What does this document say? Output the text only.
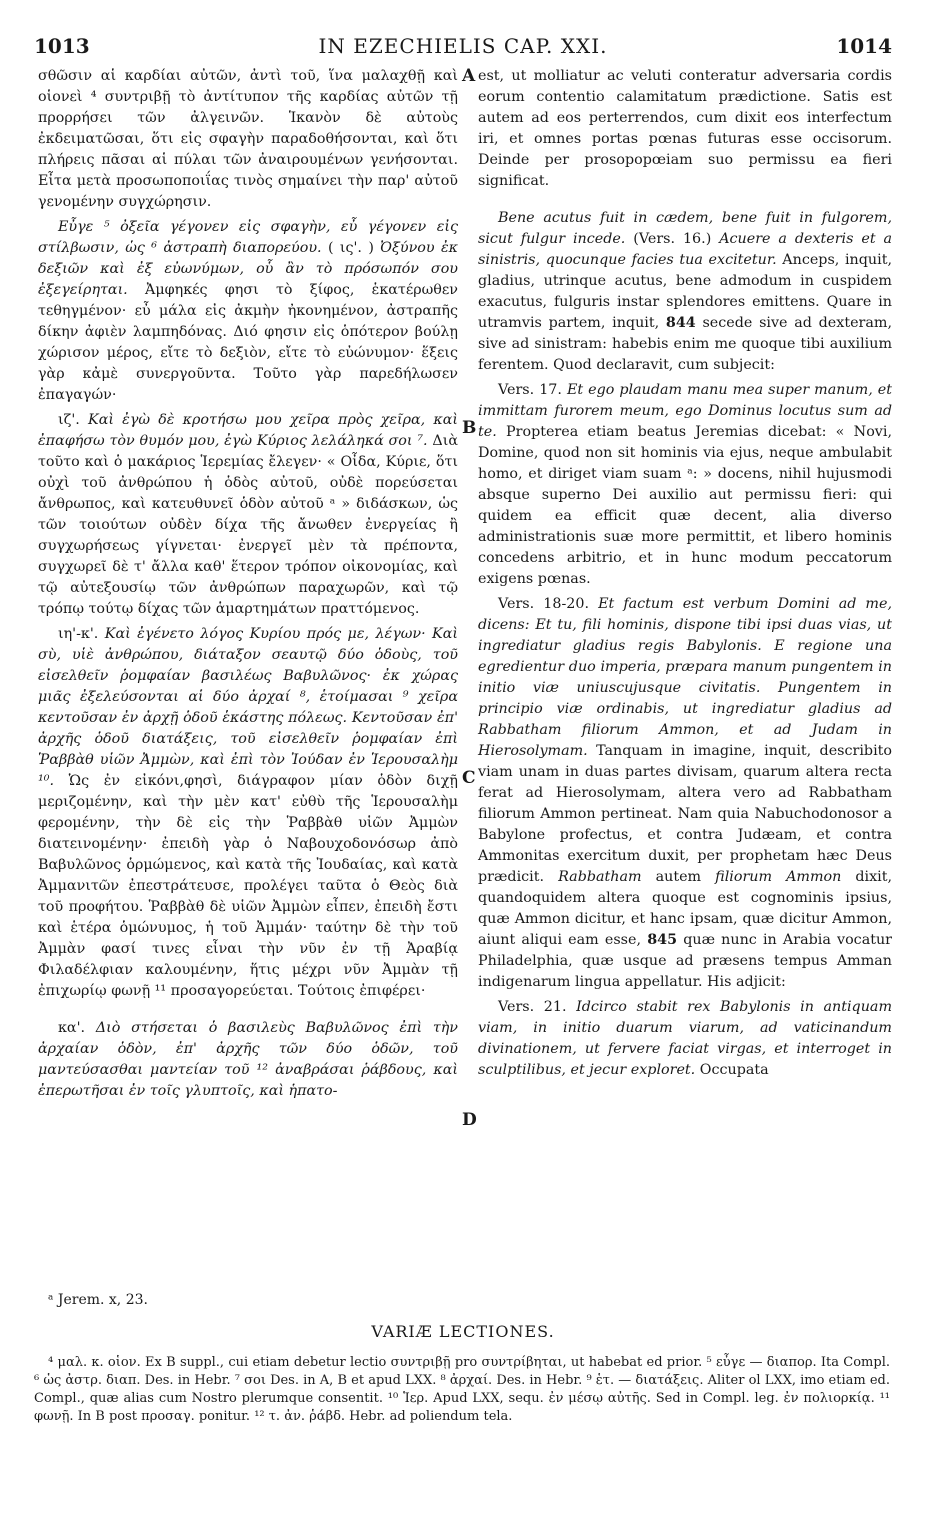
1013	IN EZECHIELIS CAP. XXI.	1014

σθῶσιν αἱ καρδίαι αὐτῶν, ἀντὶ τοῦ, ἵνα μαλαχθῇ καὶ οἱονεὶ ⁴ συντριβῇ τὸ ἀντίτυπον τῆς καρδίας αὐτῶν τῇ προρρήσει τῶν ἀλγεινῶν. Ἱκανὸν δὲ αὐτοὺς ἐκδειματῶσαι, ὅτι εἰς σφαγὴν παραδοθήσονται, καὶ ὅτι πλήρεις πᾶσαι αἱ πύλαι τῶν ἀναιρουμένων γενήσονται. Εἶτα μετὰ προσωποποιΐας τινὸς σημαίνει τὴν παρ' αὐτοῦ γενομένην συγχώρησιν.

Εὖγε ⁵ ὀξεῖα γέγονεν εἰς σφαγὴν, εὖ γέγονεν εἰς στίλβωσιν, ὡς ⁶ ἀστραπὴ διαπορεύου. ( ις'. ) Ὀξύνου ἐκ δεξιῶν καὶ ἐξ εὐωνύμων, οὗ ἂν τὸ πρόσωπόν σου ἐξεγείρηται. Ἀμφηκές φησι τὸ ξίφος, ἑκατέρωθεν τεθηγμένον· εὖ μάλα εἰς ἀκμὴν ἠκονημένον, ἀστραπῆς δίκην ἀφιὲν λαμπηδόνας. Διό φησιν εἰς ὁπότερον βούλῃ χώρισον μέρος, εἴτε τὸ δεξιὸν, εἴτε τὸ εὐώνυμον· ἕξεις γὰρ κἀμὲ συνεργοῦντα. Τοῦτο γὰρ παρεδήλωσεν ἐπαγαγών·

ιζ'. Καὶ ἐγὼ δὲ κροτήσω μου χεῖρα πρὸς χεῖρα, καὶ ἐπαφήσω τὸν θυμόν μου, ἐγὼ Κύριος λελάληκά σοι ⁷. Διὰ τοῦτο καὶ ὁ μακάριος Ἱερεμίας ἔλεγεν· « Οἶδα, Κύριε, ὅτι οὐχὶ τοῦ ἀνθρώπου ἡ ὁδὸς αὐτοῦ, οὐδὲ πορεύσεται ἄνθρωπος, καὶ κατευθυνεῖ ὁδὸν αὐτοῦ ᵃ » διδάσκων, ὡς τῶν τοιούτων οὐδὲν δίχα τῆς ἄνωθεν ἐνεργείας ἢ συγχωρήσεως γίγνεται· ἐνεργεῖ μὲν τὰ πρέποντα, συγχωρεῖ δὲ τ' ἄλλα καθ' ἕτερον τρόπον οἰκονομίας, καὶ τῷ αὐτεξουσίῳ τῶν ἀνθρώπων παραχωρῶν, καὶ τῷ τρόπῳ τούτῳ δίχας τῶν ἁμαρτημάτων πραττόμενος.

ιη'-κ'. Καὶ ἐγένετο λόγος Κυρίου πρός με, λέγων· Καὶ σὺ, υἱὲ ἀνθρώπου, διάταξον σεαυτῷ δύο ὁδοὺς, τοῦ εἰσελθεῖν ῥομφαίαν βασιλέως Βαβυλῶνος· ἐκ χώρας μιᾶς ἐξελεύσονται αἱ δύο ἀρχαί ⁸, ἑτοίμασαι ⁹ χεῖρα κεντοῦσαν ἐν ἀρχῇ ὁδοῦ ἑκάστης πόλεως. Κεντοῦσαν ἐπ' ἀρχῆς ὁδοῦ διατάξεις, τοῦ εἰσελθεῖν ῥομφαίαν ἐπὶ Ῥαββὰθ υἱῶν Ἀμμὼν, καὶ ἐπὶ τὸν Ἰούδαν ἐν Ἱερουσαλὴμ ¹⁰. Ὡς ἐν εἰκόνι,φησὶ, διάγραφον μίαν ὁδὸν διχῇ μεριζομένην, καὶ τὴν μὲν κατ' εὐθὺ τῆς Ἱερουσαλὴμ φερομένην, τὴν δὲ εἰς τὴν Ῥαββὰθ υἱῶν Ἀμμὼν διατεινομένην· ἐπειδὴ γὰρ ὁ Ναβουχοδονόσωρ ἀπὸ Βαβυλῶνος ὁρμώμενος, καὶ κατὰ τῆς Ἰουδαίας, καὶ κατὰ Ἀμμανιτῶν ἐπεστράτευσε, προλέγει ταῦτα ὁ Θεὸς διὰ τοῦ προφήτου. Ῥαββὰθ δὲ υἱῶν Ἀμμὼν εἶπεν, ἐπειδὴ ἔστι καὶ ἑτέρα ὁμώνυμος, ἡ τοῦ Ἀμμάν· ταύτην δὲ τὴν τοῦ Ἀμμὰν φασί τινες εἶναι τὴν νῦν ἐν τῇ Ἀραβίᾳ Φιλαδέλφιαν καλουμένην, ἥτις μέχρι νῦν Ἀμμὰν τῇ ἐπιχωρίῳ φωνῇ ¹¹ προσαγορεύεται. Τούτοις ἐπιφέρει·

κα'. Διὸ στήσεται ὁ βασιλεὺς Βαβυλῶνος ἐπὶ τὴν ἀρχαίαν ὁδὸν, ἐπ' ἀρχῆς τῶν δύο ὁδῶν, τοῦ μαντεύσασθαι μαντείαν τοῦ ¹² ἀναβράσαι ῥάβδους, καὶ ἐπερωτῆσαι ἐν τοῖς γλυπτοῖς, καὶ ἡπατο-

est, ut molliatur ac veluti conteratur adversaria cordis eorum contentio calamitatum prædictione. Satis est autem ad eos perterrendos, cum dixit eos interfectum iri, et omnes portas pœnas futuras esse occisorum. Deinde per prosopopœiam suo permissu ea fieri significat.

Bene acutus fuit in cædem, bene fuit in fulgorem, sicut fulgur incede. (Vers. 16.) Acuere a dexteris et a sinistris, quocunque facies tua excitetur. Anceps, inquit, gladius, utrinque acutus, bene admodum in cuspidem exacutus, fulguris instar splendores emittens. Quare in utramvis partem, inquit, 844 secede sive ad dexteram, sive ad sinistram: habebis enim me quoque tibi auxilium ferentem. Quod declaravit, cum subjecit:

Vers. 17. Et ego plaudam manu mea super manum, et immittam furorem meum, ego Dominus locutus sum ad te. Propterea etiam beatus Jeremias dicebat: « Novi, Domine, quod non sit hominis via ejus, neque ambulabit homo, et diriget viam suam ᵃ: » docens, nihil hujusmodi absque superno Dei auxilio aut permissu fieri: qui quidem ea efficit quæ decent, alia diverso administrationis suæ more permittit, et libero hominis concedens arbitrio, et in hunc modum peccatorum exigens pœnas.

Vers. 18-20. Et factum est verbum Domini ad me, dicens: Et tu, fili hominis, dispone tibi ipsi duas vias, ut ingrediatur gladius regis Babylonis. E regione una egredientur duo imperia, præpara manum pungentem in initio viæ uniuscujusque civitatis. Pungentem in principio viæ ordinabis, ut ingrediatur gladius ad Rabbatham filiorum Ammon, et ad Judam in Hierosolymam. Tanquam in imagine, inquit, describito viam unam in duas partes divisam, quarum altera recta ferat ad Hierosolymam, altera vero ad Rabbatham filiorum Ammon pertineat. Nam quia Nabuchodonosor a Babylone profectus, et contra Judæam, et contra Ammonitas exercitum duxit, per prophetam hæc Deus prædicit. Rabbatham autem filiorum Ammon dixit, quandoquidem altera quoque est cognominis ipsius, quæ Ammon dicitur, et hanc ipsam, quæ dicitur Ammon, aiunt aliqui eam esse, 845 quæ nunc in Arabia vocatur Philadelphia, quæ usque ad præsens tempus Amman indigenarum lingua appellatur. His adjicit:

Vers. 21. Idcirco stabit rex Babylonis in antiquam viam, in initio duarum viarum, ad vaticinandum divinationem, ut fervere faciat virgas, et interroget in sculptilibus, et jecur exploret. Occupata

A
B
C
D
ᵃ Jerem. x, 23.
VARIÆ LECTIONES.

⁴ μαλ. κ. οἱον. Ex B suppl., cui etiam debetur lectio συντριβῇ pro συντρίβηται, ut habebat ed prior. ⁵ εὖγε — διαπορ. Ita Compl. ⁶ ὡς ἀστρ. διαπ. Des. in Hebr. ⁷ σοι Des. in A, B et apud LXX. ⁸ ἀρχαί. Des. in Hebr. ⁹ ἑτ. — διατάξεις. Aliter ol LXX, imo etiam ed. Compl., quæ alias cum Nostro plerumque consentit. ¹⁰ Ἱερ. Apud LXX, sequ. ἐν μέσῳ αὐτῆς. Sed in Compl. leg. ἐν πολιορκίᾳ. ¹¹ φωνῇ. In B post προσαγ. ponitur. ¹² τ. ἀν. ῥάβδ. Hebr. ad poliendum tela.
